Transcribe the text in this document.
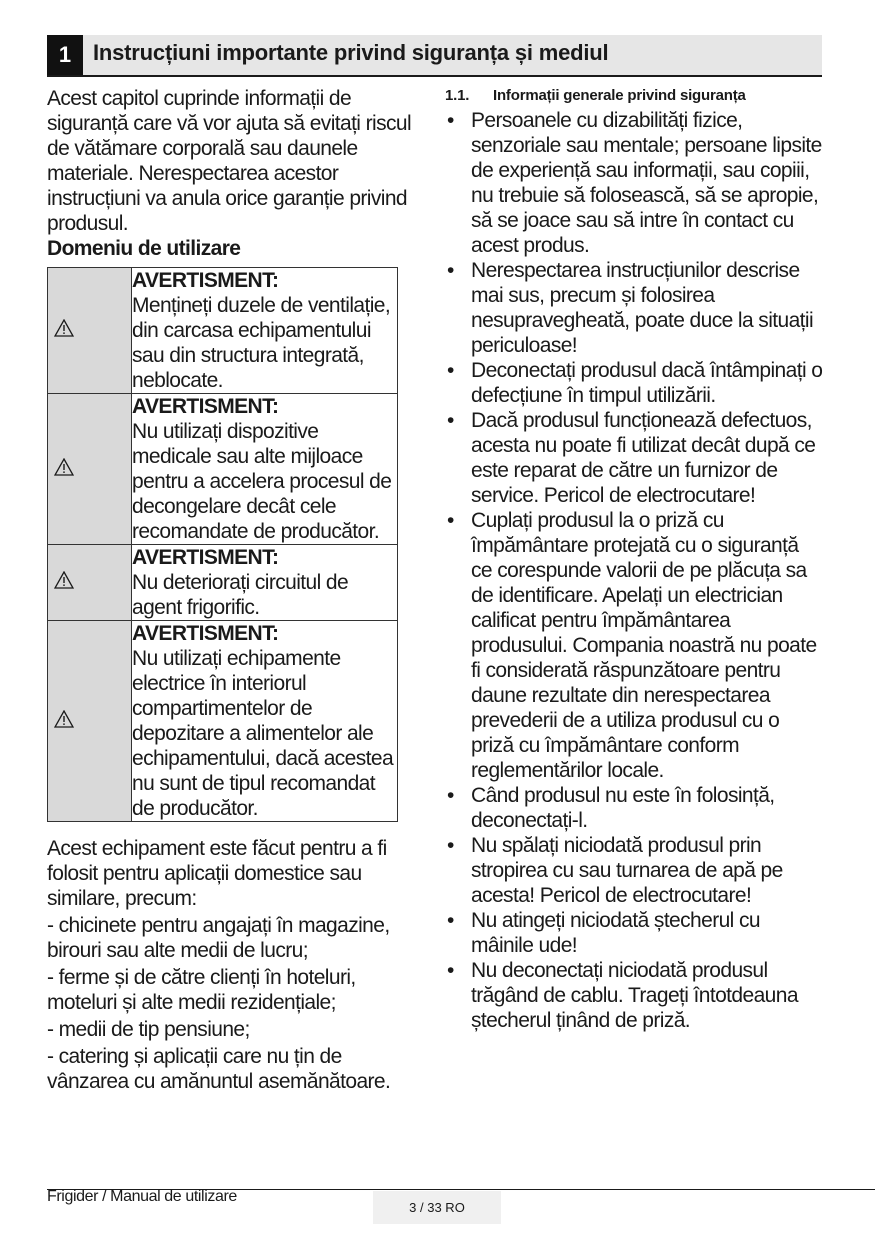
1 Instrucțiuni importante privind siguranța și mediul

Acest capitol cuprinde informații de siguranță care vă vor ajuta să evitați riscul de vătămare corporală sau daunele materiale. Nerespectarea acestor instrucțiuni va anula orice garanție privind produsul.

Domeniu de utilizare

AVERTISMENT:
Mențineți duzele de ventilație, din carcasa echipamentului sau din structura integrată, neblocate.

AVERTISMENT:
Nu utilizați dispozitive medicale sau alte mijloace pentru a accelera procesul de decongelare decât cele recomandate de producător.

AVERTISMENT:
Nu deteriorați circuitul de agent frigorific.

AVERTISMENT:
Nu utilizați echipamente electrice în interiorul compartimentelor de depozitare a alimentelor ale echipamentului, dacă acestea nu sunt de tipul recomandat de producător.

Acest echipament este făcut pentru a fi folosit pentru aplicații domestice sau similare, precum:

- chicinete pentru angajați în magazine, birouri sau alte medii de lucru;

- ferme și de către clienți în hoteluri, moteluri și alte medii rezidențiale;

- medii de tip pensiune;

- catering și aplicații care nu țin de vânzarea cu amănuntul asemănătoare.

1.1. Informații generale privind siguranța

• Persoanele cu dizabilități fizice, senzoriale sau mentale; persoane lipsite de experiență sau informații, sau copiii, nu trebuie să folosească, să se apropie, să se joace sau să intre în contact cu acest produs.
• Nerespectarea instrucțiunilor descrise mai sus, precum și folosirea nesupravegheată, poate duce la situații periculoase!
• Deconectați produsul dacă întâmpinați o defecțiune în timpul utilizării.
• Dacă produsul funcționează defectuos, acesta nu poate fi utilizat decât după ce este reparat de către un furnizor de service. Pericol de electrocutare!
• Cuplați produsul la o priză cu împământare protejată cu o siguranță ce corespunde valorii de pe plăcuța sa de identificare. Apelați un electrician calificat pentru împământarea produsului. Compania noastră nu poate fi considerată răspunzătoare pentru daune rezultate din nerespectarea prevederii de a utiliza produsul cu o priză cu împământare conform reglementărilor locale.
• Când produsul nu este în folosință, deconectați-l.
• Nu spălați niciodată produsul prin stropirea cu sau turnarea de apă pe acesta! Pericol de electrocutare!
• Nu atingeți niciodată ștecherul cu mâinile ude!
• Nu deconectați niciodată produsul trăgând de cablu. Trageți întotdeauna ștecherul ținând de priză.
Frigider / Manual de utilizare
3 / 33 RO
